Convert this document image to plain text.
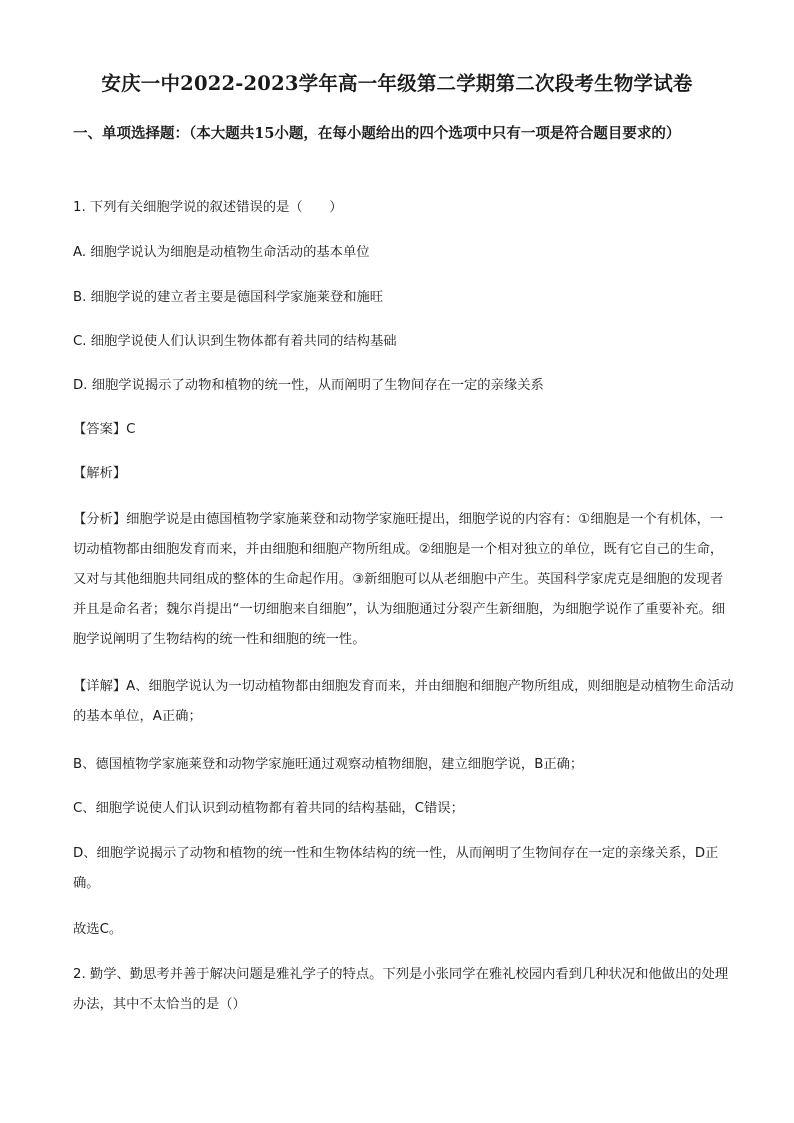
安庆一中2022-2023学年高一年级第二学期第二次段考生物学试卷
一、单项选择题：（本大题共15小题，在每小题给出的四个选项中只有一项是符合题目要求的）

1. 下列有关细胞学说的叙述错误的是（　　）

A. 细胞学说认为细胞是动植物生命活动的基本单位

B. 细胞学说的建立者主要是德国科学家施莱登和施旺

C. 细胞学说使人们认识到生物体都有着共同的结构基础

D. 细胞学说揭示了动物和植物的统一性，从而阐明了生物间存在一定的亲缘关系

【答案】C

【解析】

【分析】细胞学说是由德国植物学家施莱登和动物学家施旺提出，细胞学说的内容有：①细胞是一个有机体，一切动植物都由细胞发育而来，并由细胞和细胞产物所组成。②细胞是一个相对独立的单位，既有它自己的生命，又对与其他细胞共同组成的整体的生命起作用。③新细胞可以从老细胞中产生。英国科学家虎克是细胞的发现者并且是命名者；魏尔肖提出“一切细胞来自细胞”，认为细胞通过分裂产生新细胞，为细胞学说作了重要补充。细胞学说阐明了生物结构的统一性和细胞的统一性。

【详解】A、细胞学说认为一切动植物都由细胞发育而来，并由细胞和细胞产物所组成，则细胞是动植物生命活动的基本单位，A正确；

B、德国植物学家施莱登和动物学家施旺通过观察动植物细胞，建立细胞学说，B正确；

C、细胞学说使人们认识到动植物都有着共同的结构基础，C错误；

D、细胞学说揭示了动物和植物的统一性和生物体结构的统一性，从而阐明了生物间存在一定的亲缘关系，D正确。

故选C。

2. 勤学、勤思考并善于解决问题是雅礼学子的特点。下列是小张同学在雅礼校园内看到几种状况和他做出的处理办法，其中不太恰当的是（）
